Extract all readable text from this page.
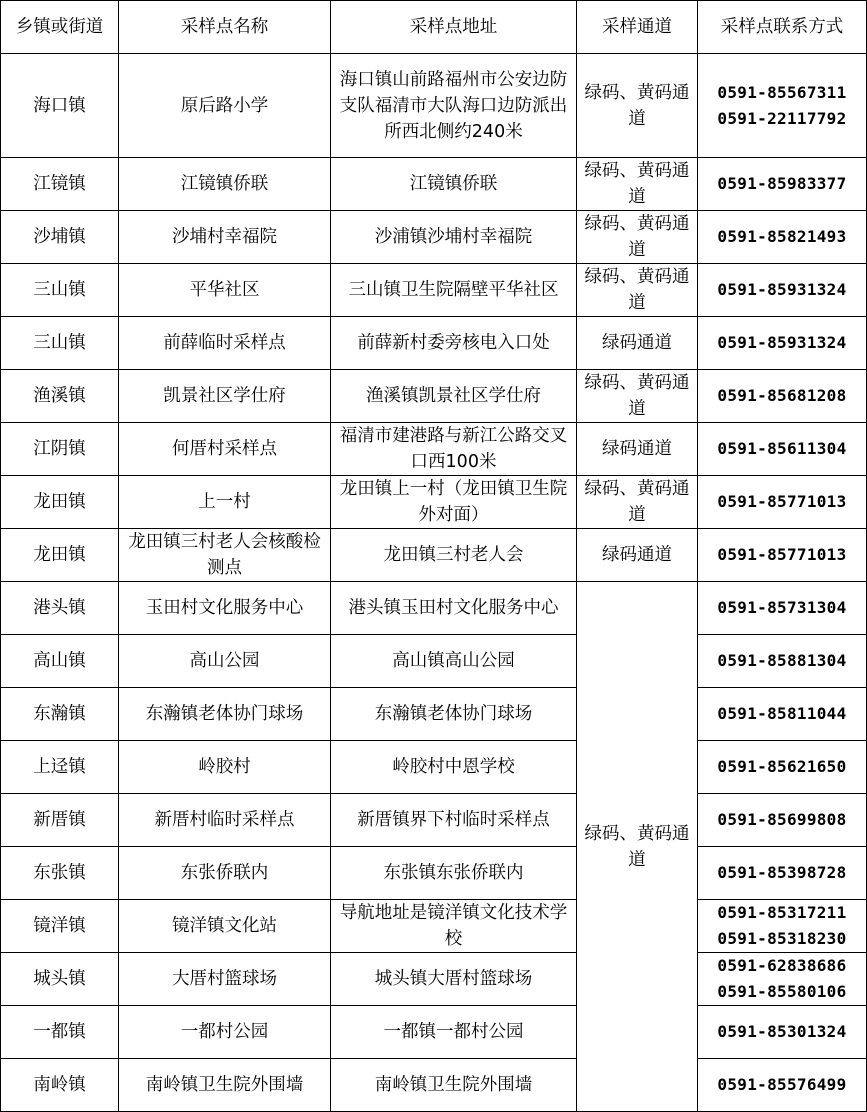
乡镇或街道	采样点名称	采样点地址	采样通道	采样点联系方式
海口镇	原后路小学	海口镇山前路福州市公安边防支队福清市大队海口边防派出所西北侧约240米	绿码、黄码通道	0591-85567311
0591-22117792

江镜镇	江镜镇侨联	江镜镇侨联	绿码、黄码通道	0591-85983377

沙埔镇	沙埔村幸福院	沙浦镇沙埔村幸福院	绿码、黄码通道	0591-85821493

三山镇	平华社区	三山镇卫生院隔壁平华社区	绿码、黄码通道	0591-85931324

三山镇	前薛临时采样点	前薛新村委旁核电入口处	绿码通道	0591-85931324

渔溪镇	凯景社区学仕府	渔溪镇凯景社区学仕府	绿码、黄码通道	0591-85681208

江阴镇	何厝村采样点	福清市建港路与新江公路交叉口西100米	绿码通道	0591-85611304

龙田镇	上一村	龙田镇上一村（龙田镇卫生院外对面）	绿码、黄码通道	0591-85771013

龙田镇	龙田镇三村老人会核酸检测点	龙田镇三村老人会	绿码通道	0591-85771013

港头镇	玉田村文化服务中心	港头镇玉田村文化服务中心	绿码、黄码通道	0591-85731304

高山镇	高山公园	高山镇高山公园		0591-85881304

东瀚镇	东瀚镇老体协门球场	东瀚镇老体协门球场		0591-85811044

上迳镇	岭胶村	岭胶村中恩学校		0591-85621650

新厝镇	新厝村临时采样点	新厝镇界下村临时采样点		0591-85699808

东张镇	东张侨联内	东张镇东张侨联内		0591-85398728

镜洋镇	镜洋镇文化站	导航地址是镜洋镇文化技术学校		0591-85317211
0591-85318230

城头镇	大厝村篮球场	城头镇大厝村篮球场		0591-62838686
0591-85580106

一都镇	一都村公园	一都镇一都村公园		0591-85301324

南岭镇	南岭镇卫生院外围墙	南岭镇卫生院外围墙		0591-85576499
